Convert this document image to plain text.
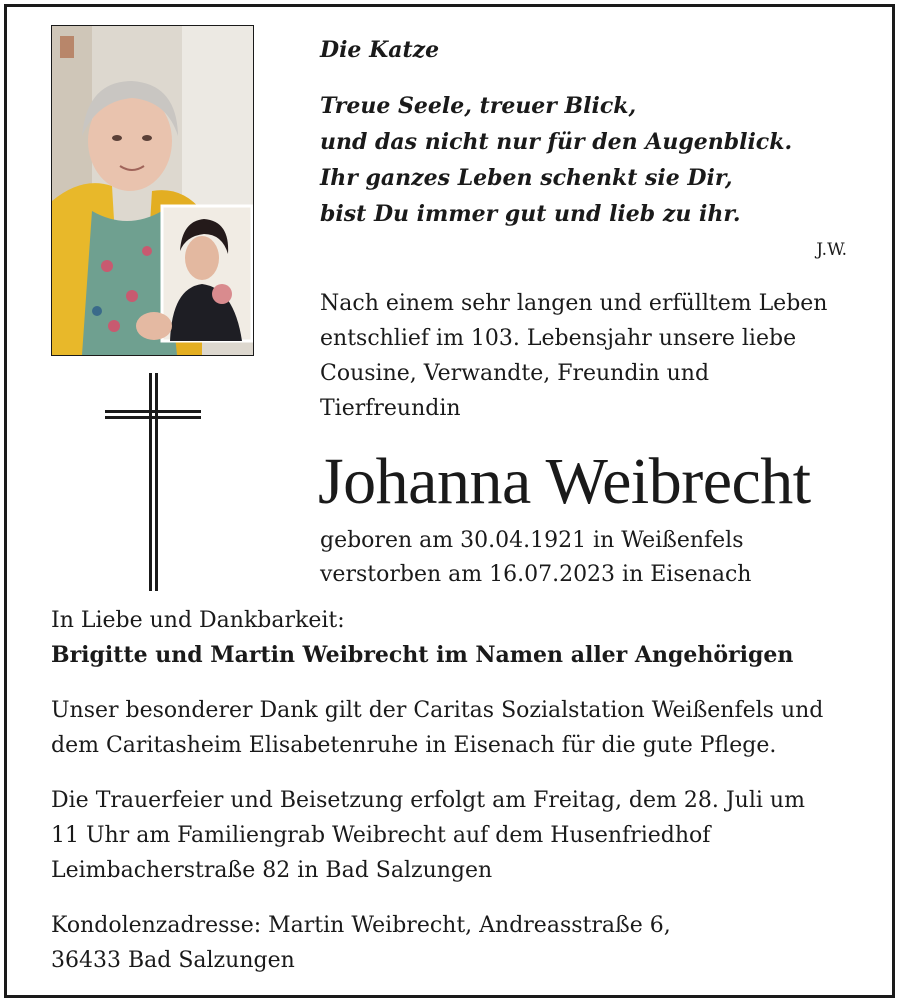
Die Katze
Treue Seele, treuer Blick,
und das nicht nur für den Augenblick.
Ihr ganzes Leben schenkt sie Dir,
bist Du immer gut und lieb zu ihr.
J.W.
Nach einem sehr langen und erfülltem Leben
entschlief im 103. Lebensjahr unsere liebe
Cousine, Verwandte, Freundin und
Tierfreundin
Johanna Weibrecht
geboren am 30.04.1921 in Weißenfels
verstorben am 16.07.2023 in Eisenach
In Liebe und Dankbarkeit:
Brigitte und Martin Weibrecht im Namen aller Angehörigen
Unser besonderer Dank gilt der Caritas Sozialstation Weißenfels und
dem Caritasheim Elisabetenruhe in Eisenach für die gute Pflege.
Die Trauerfeier und Beisetzung erfolgt am Freitag, dem 28. Juli um
11 Uhr am Familiengrab Weibrecht auf dem Husenfriedhof
Leimbacherstraße 82 in Bad Salzungen
Kondolenzadresse: Martin Weibrecht, Andreasstraße 6,
36433 Bad Salzungen
